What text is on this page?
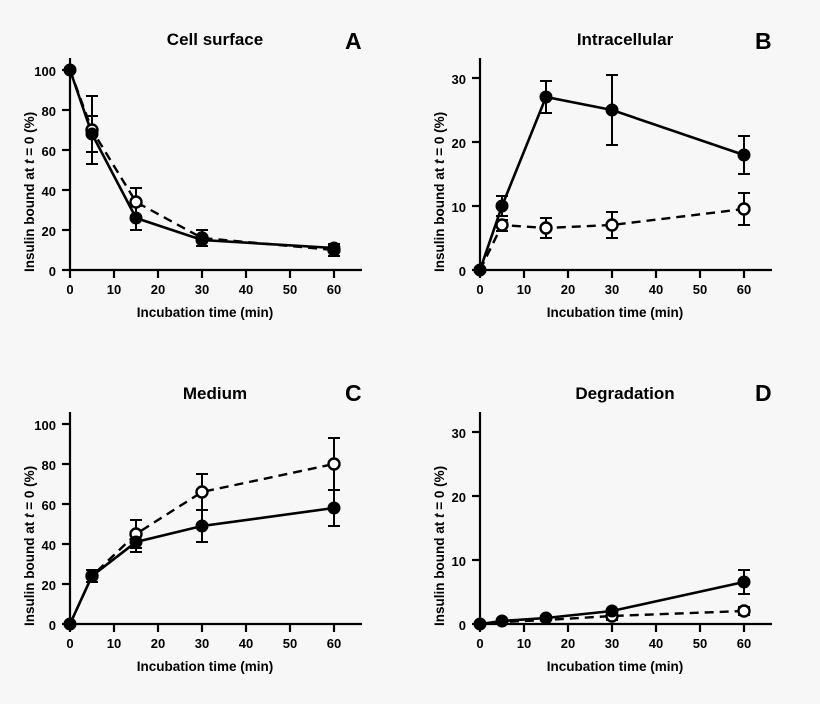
A
Cell surface
Insulin bound at t = 0 (%)
Incubation time (min)
0
20
40
60
80
100
0	10 20 30 40 50 60
B
Intracellular
Insulin bound at t = 0 (%)
Incubation time (min)
0
10
20
30
0	10 20 30 40 50 60
C
Medium
Insulin bound at t = 0 (%)
Incubation time (min)
0
20
40
60
80
100
0	10 20 30 40 50 60
D
Degradation
Insulin bound at t = 0 (%)
Incubation time (min)
0
10
20
30
0	10 20 30 40 50 60
